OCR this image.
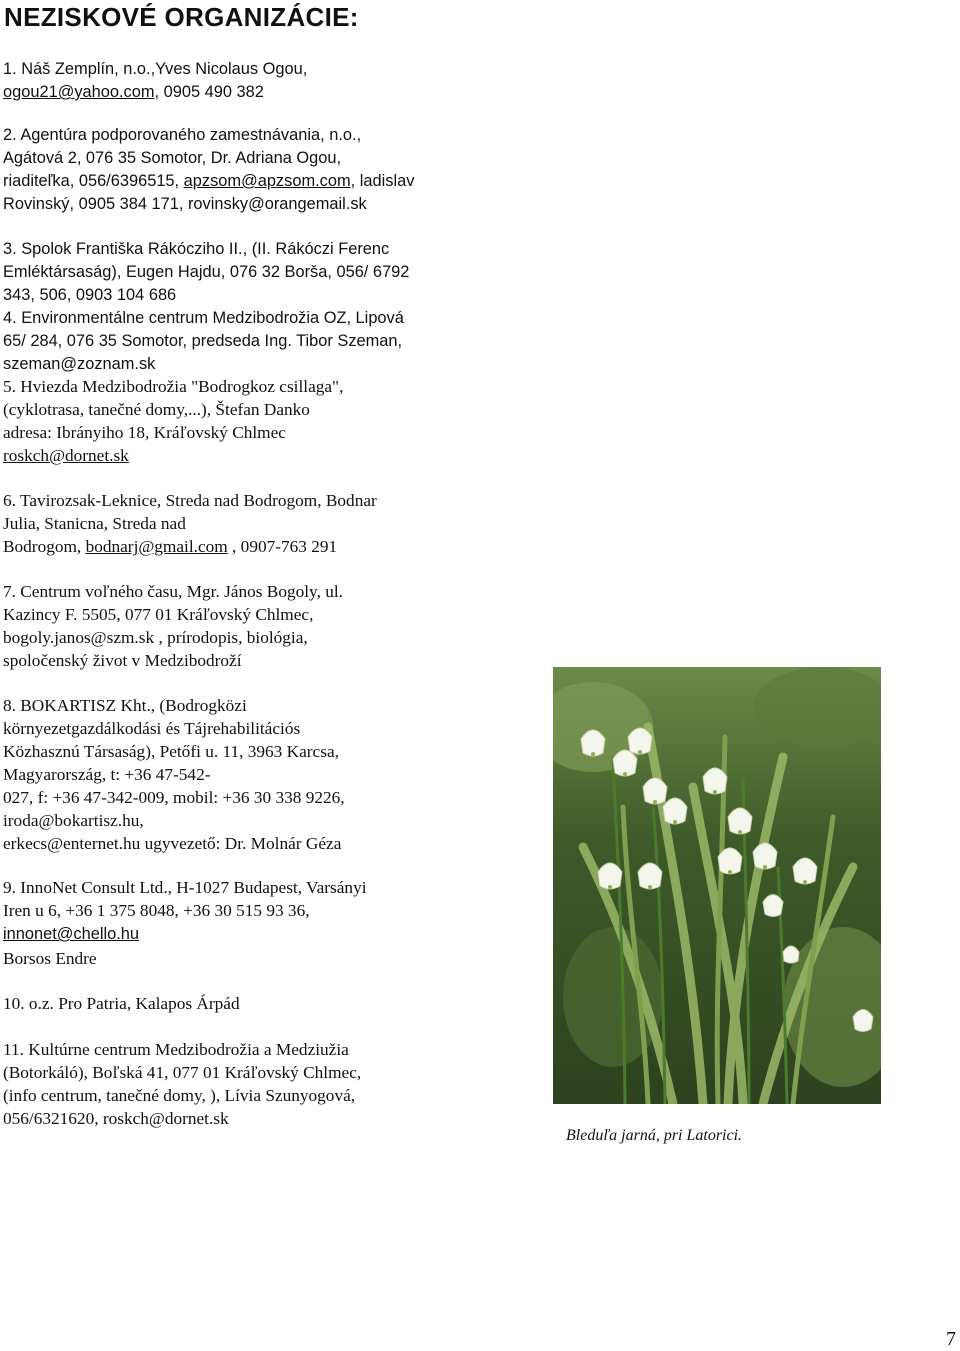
NEZISKOVÉ ORGANIZÁCIE:
1. Náš Zemplín, n.o.,Yves Nicolaus Ogou,
ogou21@yahoo.com, 0905 490 382
2. Agentúra podporovaného zamestnávania, n.o.,
Agátová 2, 076 35 Somotor, Dr. Adriana Ogou,
riaditeľka, 056/6396515, apzsom@apzsom.com, ladislav
Rovinský, 0905 384 171, rovinsky@orangemail.sk
3. Spolok Františka Rákócziho II., (II. Rákóczi Ferenc
Emléktársaság), Eugen Hajdu, 076 32 Borša, 056/ 6792
343, 506, 0903 104 686
4. Environmentálne centrum Medzibodrožia OZ, Lipová
65/ 284, 076 35 Somotor, predseda Ing. Tibor Szeman,
szeman@zoznam.sk
5. Hviezda Medzibodrožia "Bodrogkoz csillaga",
(cyklotrasa, tanečné domy,...), Štefan Danko
adresa: Ibrányiho 18, Kráľovský Chlmec
roskch@dornet.sk
6. Tavirozsak-Leknice, Streda nad Bodrogom, Bodnar
Julia, Stanicna, Streda nad
Bodrogom, bodnarj@gmail.com , 0907-763 291
7. Centrum voľného času, Mgr. János Bogoly, ul.
Kazincy F. 5505, 077 01 Kráľovský Chlmec,
bogoly.janos@szm.sk , prírodopis, biológia,
spoločenský život v Medzibodroží
8. BOKARTISZ Kht., (Bodrogközi
környezetgazdálkodási és Tájrehabilitációs
Közhasznú Társaság), Petőfi u. 11, 3963 Karcsa,
Magyarország, t: +36 47-542-
027, f: +36 47-342-009, mobil: +36 30 338 9226,
iroda@bokartisz.hu,
erkecs@enternet.hu ugyvezető: Dr. Molnár Géza
9. InnoNet Consult Ltd., H-1027 Budapest, Varsányi
Iren u 6, +36 1 375 8048, +36 30 515 93 36,
innonet@chello.hu
Borsos Endre
10. o.z. Pro Patria, Kalapos Árpád
11. Kultúrne centrum Medzibodrožia a Medziužia
(Botorkáló), Boľská 41, 077 01 Kráľovský Chlmec,
(info centrum, tanečné domy, ), Lívia Szunyogová,
056/6321620, roskch@dornet.sk
Bleduľa jarná, pri Latorici.
7
